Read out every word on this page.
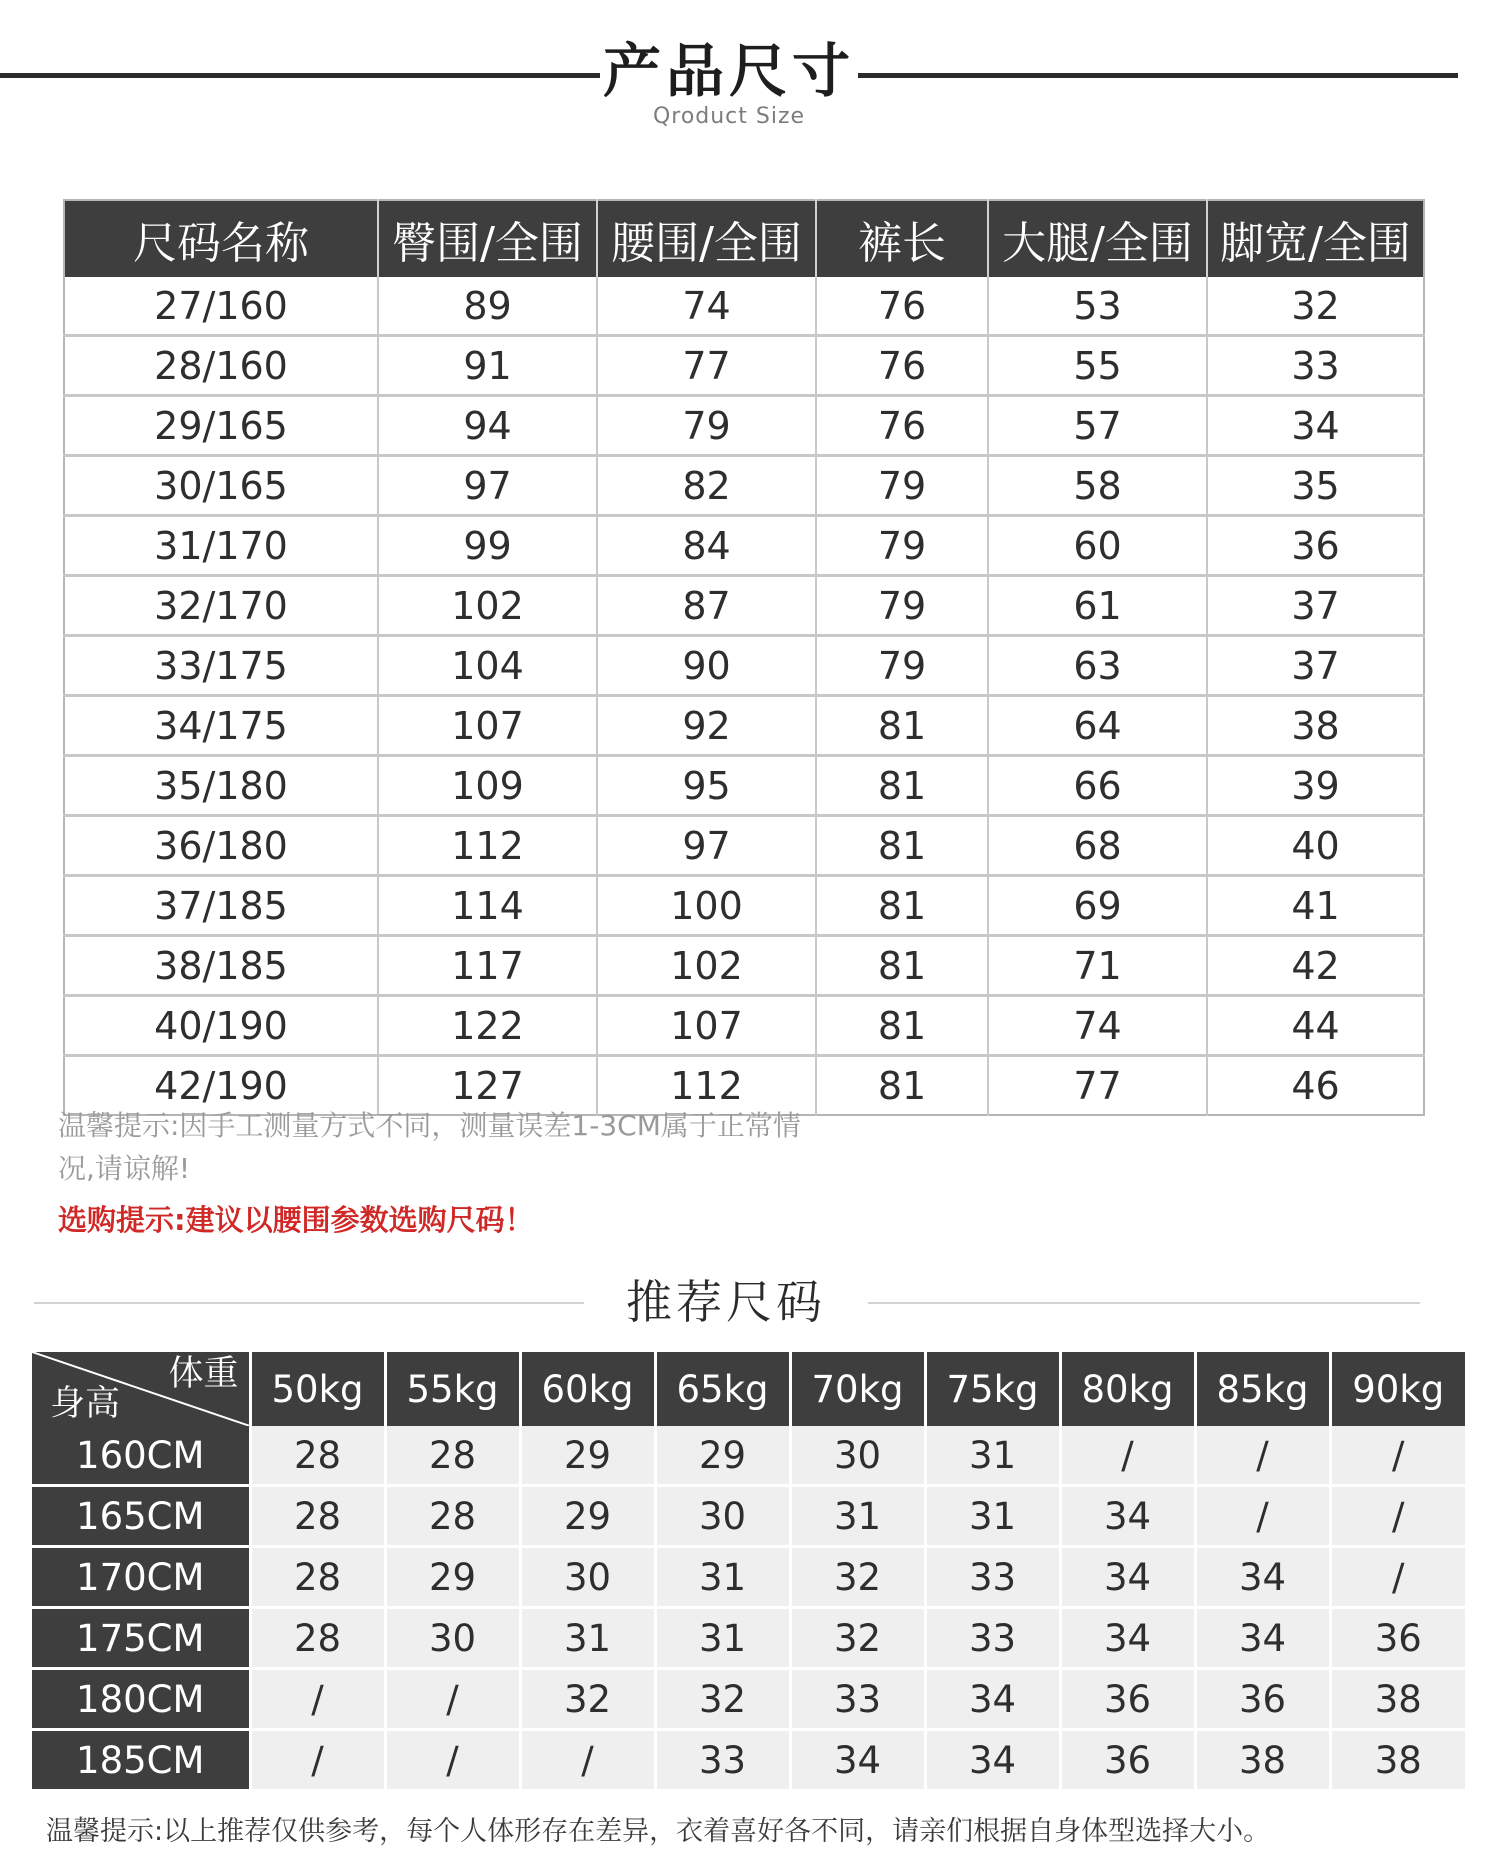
产品尺寸
Qroduct Size
尺码名称	臀围/全围	腰围/全围	裤长	大腿/全围	脚宽/全围
27/160	89	74	76	53	32
28/160	91	77	76	55	33
29/165	94	79	76	57	34
30/165	97	82	79	58	35
31/170	99	84	79	60	36
32/170	102	87	79	61	37
33/175	104	90	79	63	37
34/175	107	92	81	64	38
35/180	109	95	81	66	39
36/180	112	97	81	68	40
37/185	114	100	81	69	41
38/185	117	102	81	71	42
40/190	122	107	81	74	44
42/190	127	112	81	77	46
温馨提示:因手工测量方式不同，测量误差1-3CM属于正常情
况,请谅解!
选购提示:建议以腰围参数选购尺码！
推荐尺码
体重
身高	50kg	55kg	60kg	65kg	70kg	75kg	80kg	85kg	90kg
160CM	28	28	29	29	30	31	/	/	/
165CM	28	28	29	30	31	31	34	/	/
170CM	28	29	30	31	32	33	34	34	/
175CM	28	30	31	31	32	33	34	34	36
180CM	/	/	32	32	33	34	36	36	38
185CM	/	/	/	33	34	34	36	38	38
温馨提示:以上推荐仅供参考，每个人体形存在差异，衣着喜好各不同，请亲们根据自身体型选择大小。
